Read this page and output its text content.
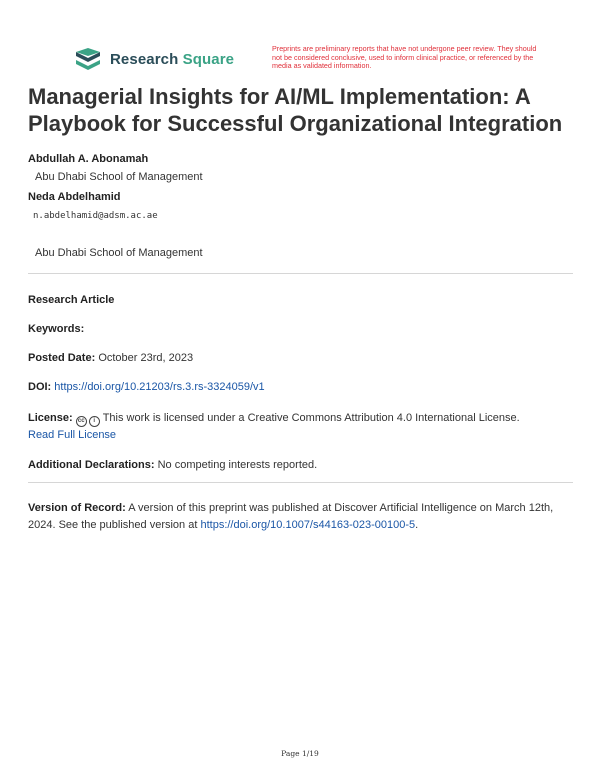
Research Square
Preprints are preliminary reports that have not undergone peer review. They should not be considered conclusive, used to inform clinical practice, or referenced by the media as validated information.
Managerial Insights for AI/ML Implementation: A Playbook for Successful Organizational Integration
Abdullah A. Abonamah
Abu Dhabi School of Management
Neda Abdelhamid
n.abdelhamid@adsm.ac.ae
Abu Dhabi School of Management
Research Article
Keywords:
Posted Date: October 23rd, 2023
DOI: https://doi.org/10.21203/rs.3.rs-3324059/v1
License: cc	i This work is licensed under a Creative Commons Attribution 4.0 International License.
Read Full License
Additional Declarations: No competing interests reported.
Version of Record: A version of this preprint was published at Discover Artificial Intelligence on March 12th, 2024. See the published version at https://doi.org/10.1007/s44163-023-00100-5.
Page 1/19
